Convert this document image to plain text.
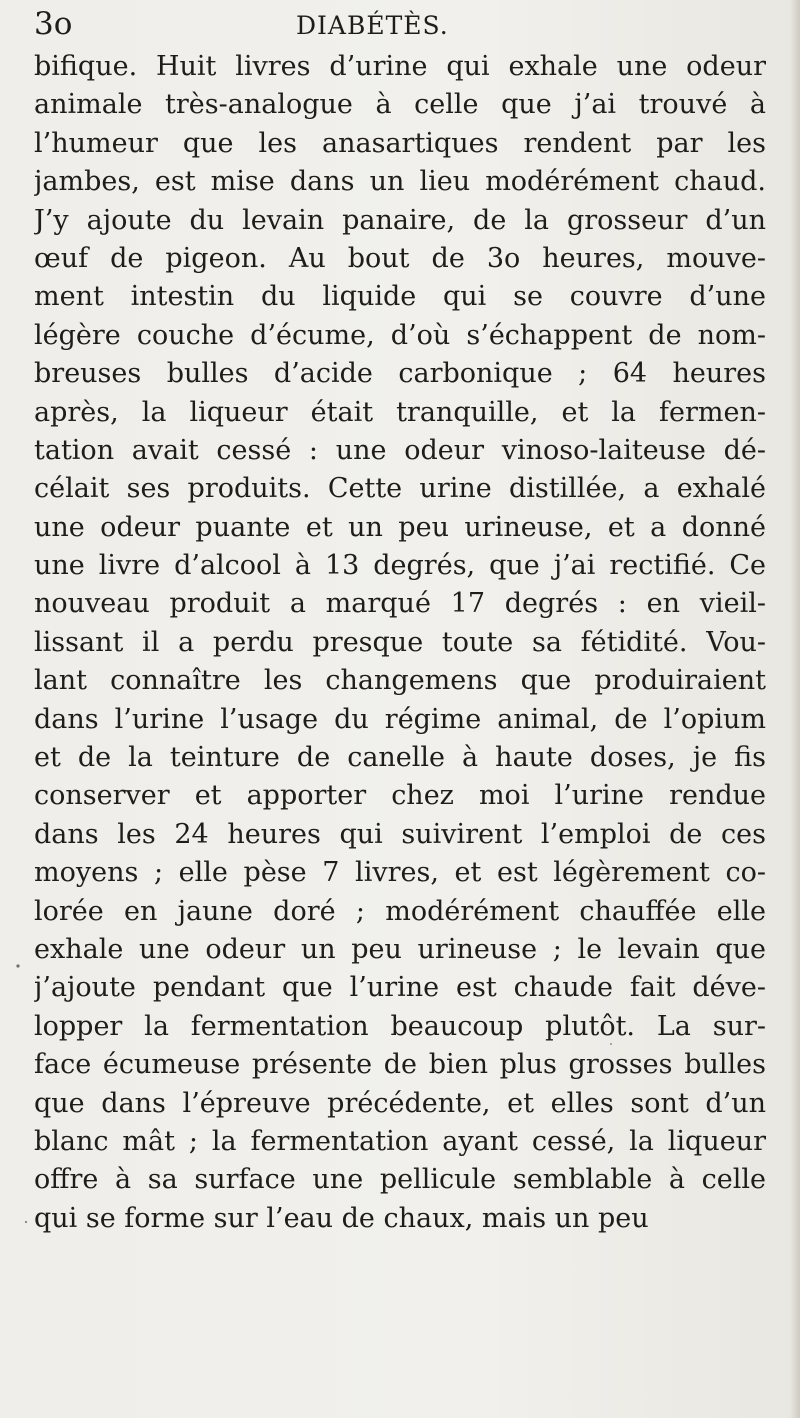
3o	DIABÉTÈS.
bifique. Huit livres d’urine qui exhale une odeur
animale très-analogue à celle que j’ai trouvé à
l’humeur que les anasartiques rendent par les
jambes, est mise dans un lieu modérément chaud.
J’y ajoute du levain panaire, de la grosseur d’un
œuf de pigeon. Au bout de 3o heures, mouve-
ment intestin du liquide qui se couvre d’une
légère couche d’écume, d’où s’échappent de nom-
breuses bulles d’acide carbonique ; 64 heures
après, la liqueur était tranquille, et la fermen-
tation avait cessé : une odeur vinoso-laiteuse dé-
célait ses produits. Cette urine distillée, a exhalé
une odeur puante et un peu urineuse, et a donné
une livre d’alcool à 13 degrés, que j’ai rectifié. Ce
nouveau produit a marqué 17 degrés : en vieil-
lissant il a perdu presque toute sa fétidité. Vou-
lant connaître les changemens que produiraient
dans l’urine l’usage du régime animal, de l’opium
et de la teinture de canelle à haute doses, je fis
conserver et apporter chez moi l’urine rendue
dans les 24 heures qui suivirent l’emploi de ces
moyens ; elle pèse 7 livres, et est légèrement co-
lorée en jaune doré ; modérément chauffée elle
exhale une odeur un peu urineuse ; le levain que
j’ajoute pendant que l’urine est chaude fait déve-
lopper la fermentation beaucoup plutôt. La sur-
face écumeuse présente de bien plus grosses bulles
que dans l’épreuve précédente, et elles sont d’un
blanc mât ; la fermentation ayant cessé, la liqueur
offre à sa surface une pellicule semblable à celle
qui se forme sur l’eau de chaux, mais un peu
